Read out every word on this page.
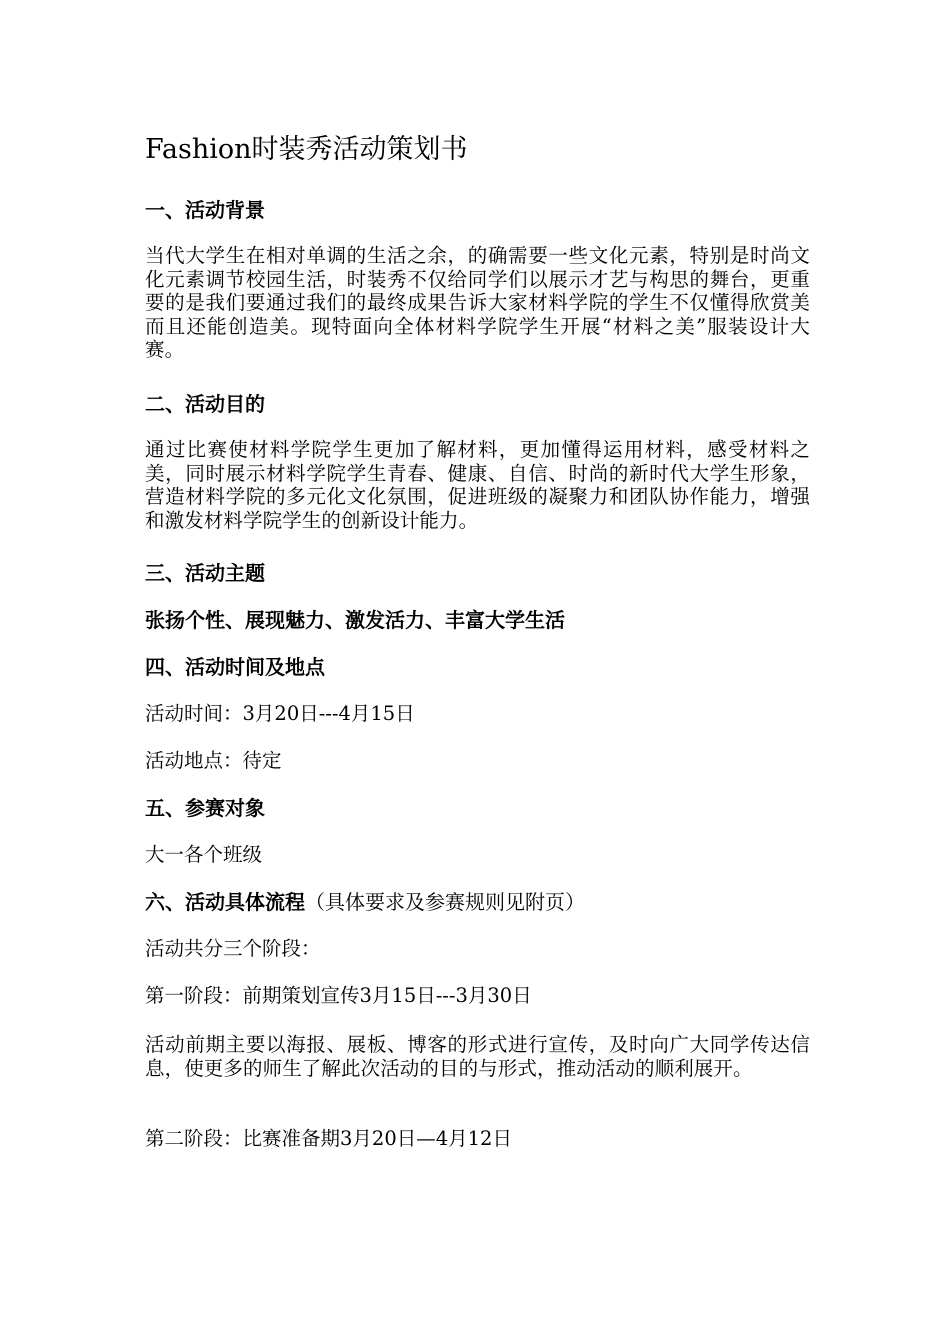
Fashion时装秀活动策划书
一、活动背景

当代大学生在相对单调的生活之余，的确需要一些文化元素，特别是时尚文化元素调节校园生活，时装秀不仅给同学们以展示才艺与构思的舞台，更重要的是我们要通过我们的最终成果告诉大家材料学院的学生不仅懂得欣赏美而且还能创造美。现特面向全体材料学院学生开展“材料之美”服装设计大赛。

二、活动目的

通过比赛使材料学院学生更加了解材料，更加懂得运用材料，感受材料之美，同时展示材料学院学生青春、健康、自信、时尚的新时代大学生形象，营造材料学院的多元化文化氛围，促进班级的凝聚力和团队协作能力，增强和激发材料学院学生的创新设计能力。

三、活动主题

张扬个性、展现魅力、激发活力、丰富大学生活

四、活动时间及地点

活动时间：3月20日---4月15日

活动地点：待定

五、参赛对象

大一各个班级

六、活动具体流程（具体要求及参赛规则见附页）

活动共分三个阶段：

第一阶段：前期策划宣传3月15日---3月30日

活动前期主要以海报、展板、博客的形式进行宣传，及时向广大同学传达信息，使更多的师生了解此次活动的目的与形式，推动活动的顺利展开。

第二阶段：比赛准备期3月20日—4月12日
